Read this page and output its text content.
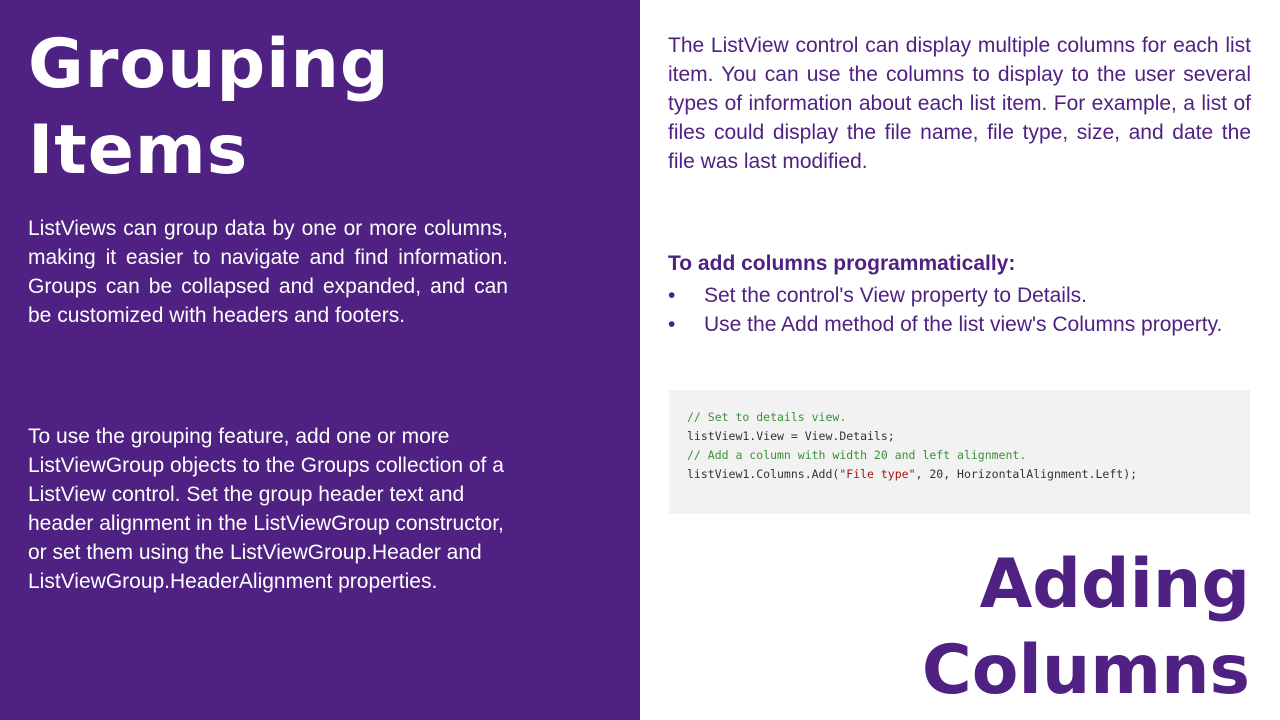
Grouping
Items

ListViews can group data by one or more columns, making it easier to navigate and find information. Groups can be collapsed and expanded, and can be customized with headers and footers.

To use the grouping feature, add one or more ListViewGroup objects to the Groups collection of a ListView control. Set the group header text and header alignment in the ListViewGroup constructor, or set them using the ListViewGroup.Header and ListViewGroup.HeaderAlignment properties.

The ListView control can display multiple columns for each list item. You can use the columns to display to the user several types of information about each list item. For example, a list of files could display the file name, file type, size, and date the file was last modified.

To add columns programmatically:
• Set the control's View property to Details.
• Use the Add method of the list view's Columns property.
// Set to details view.
listView1.View = View.Details;
// Add a column with width 20 and left alignment.
listView1.Columns.Add("File type", 20, HorizontalAlignment.Left);
Adding
Columns
